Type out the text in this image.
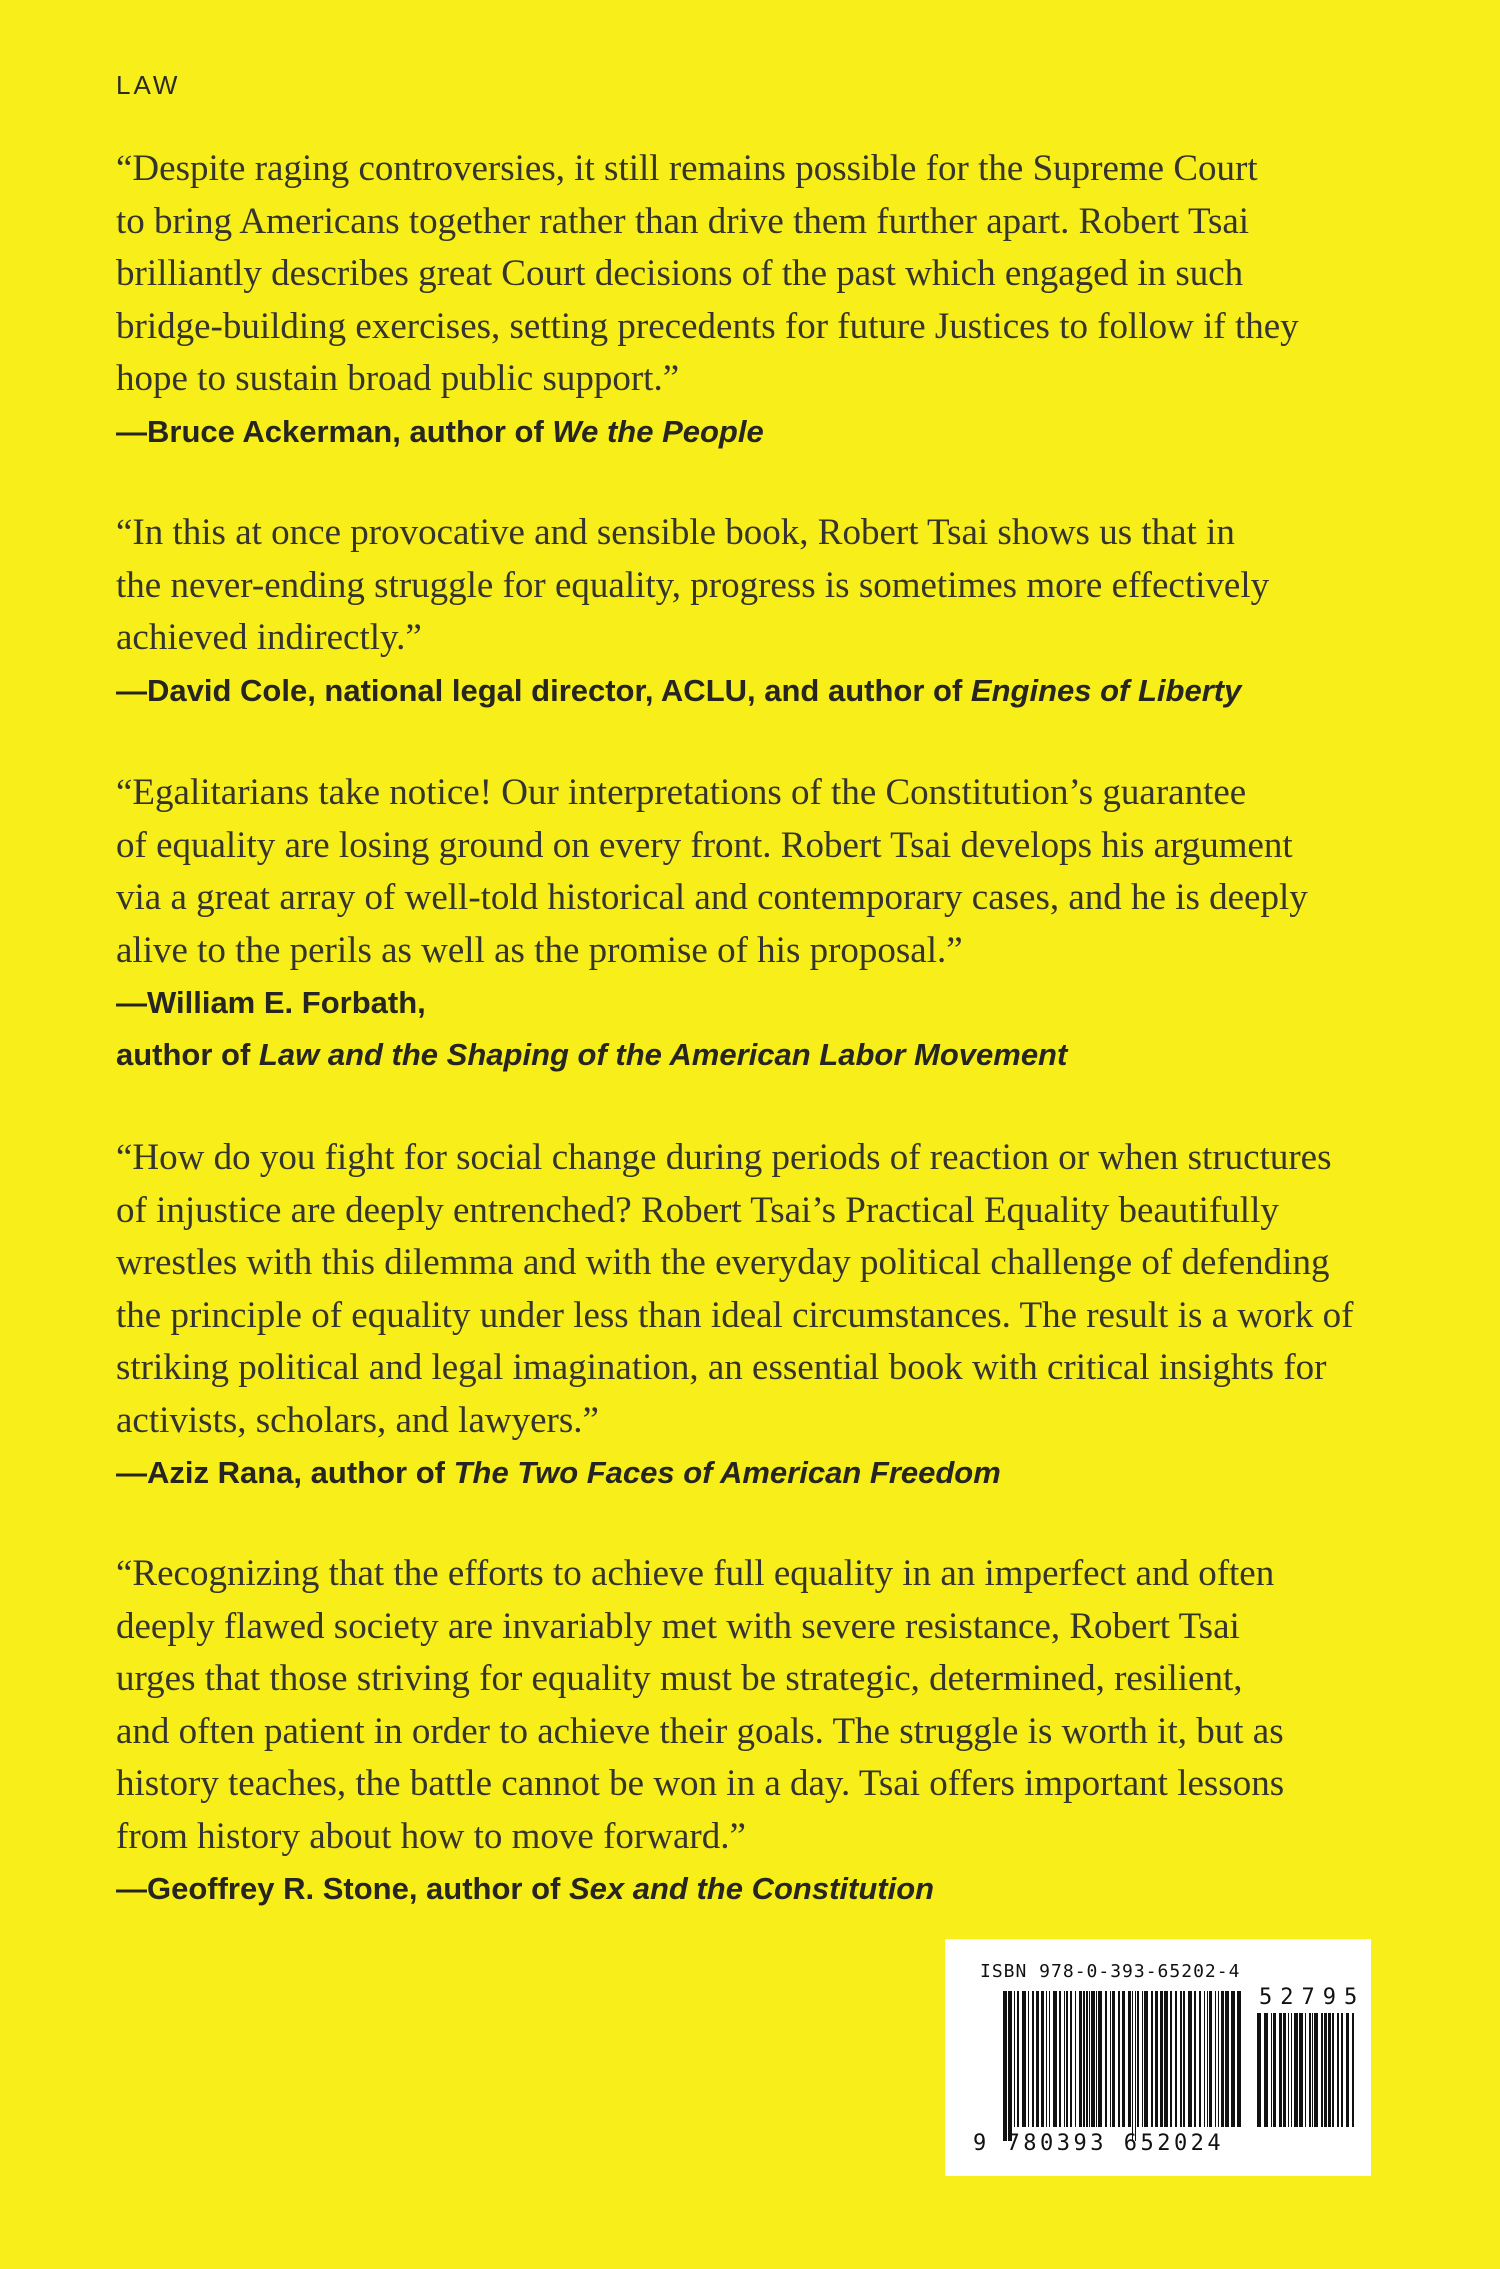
LAW

“Despite raging controversies, it still remains possible for the Supreme Court
to bring Americans together rather than drive them further apart. Robert Tsai
brilliantly describes great Court decisions of the past which engaged in such
bridge-building exercises, setting precedents for future Justices to follow if they
hope to sustain broad public support.”

—Bruce Ackerman, author of We the People

“In this at once provocative and sensible book, Robert Tsai shows us that in
the never-ending struggle for equality, progress is sometimes more effectively
achieved indirectly.”

—David Cole, national legal director, ACLU, and author of Engines of Liberty

“Egalitarians take notice! Our interpretations of the Constitution’s guarantee
of equality are losing ground on every front. Robert Tsai develops his argument
via a great array of well-told historical and contemporary cases, and he is deeply
alive to the perils as well as the promise of his proposal.”

—William E. Forbath,

author of Law and the Shaping of the American Labor Movement

“How do you fight for social change during periods of reaction or when structures
of injustice are deeply entrenched? Robert Tsai’s Practical Equality beautifully
wrestles with this dilemma and with the everyday political challenge of defending
the principle of equality under less than ideal circumstances. The result is a work of
striking political and legal imagination, an essential book with critical insights for
activists, scholars, and lawyers.”

—Aziz Rana, author of The Two Faces of American Freedom

“Recognizing that the efforts to achieve full equality in an imperfect and often
deeply flawed society are invariably met with severe resistance, Robert Tsai
urges that those striving for equality must be strategic, determined, resilient,
and often patient in order to achieve their goals. The struggle is worth it, but as
history teaches, the battle cannot be won in a day. Tsai offers important lessons
from history about how to move forward.”

—Geoffrey R. Stone, author of Sex and the Constitution

ISBN 978-0-393-65202-4
52795
9 780393 652024
